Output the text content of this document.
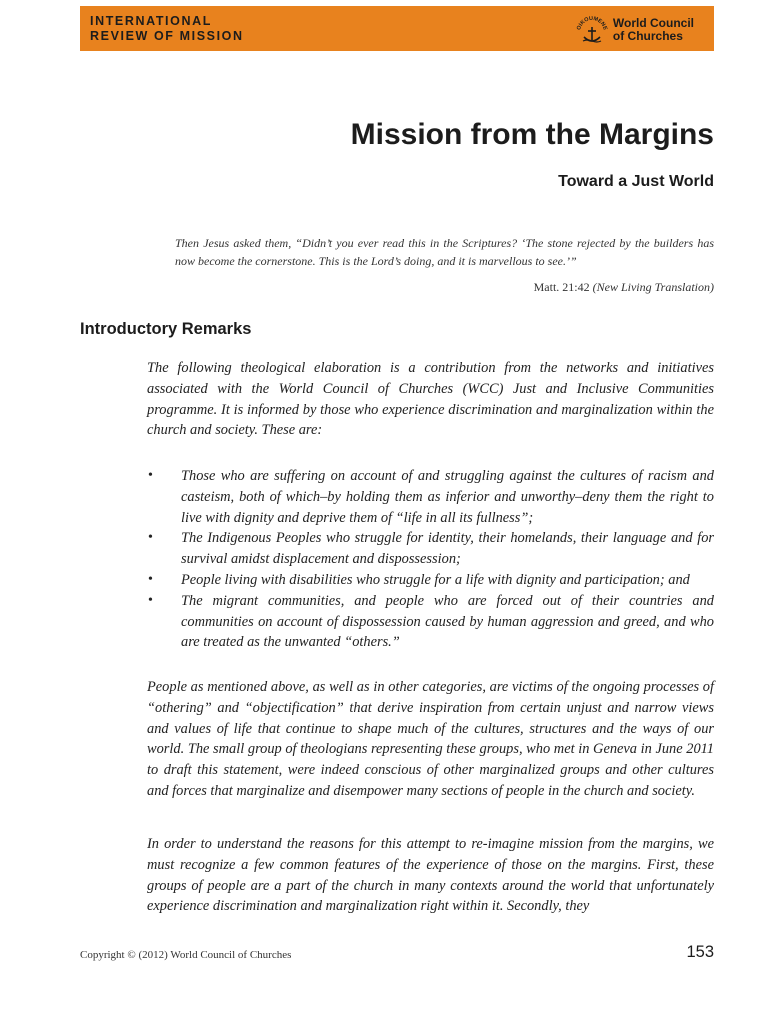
INTERNATIONAL
REVIEW OF MISSION
OIKOUMENE World Council
of Churches
Mission from the Margins
Toward a Just World

Then Jesus asked them, “Didn’t you ever read this in the Scriptures? ‘The stone rejected by the builders has now become the cornerstone. This is the Lord’s doing, and it is marvellous to see.’”

Matt. 21:42 (New Living Translation)

Introductory Remarks

The following theological elaboration is a contribution from the networks and initiatives associated with the World Council of Churches (WCC) Just and Inclusive Communities programme. It is informed by those who experience discrimination and marginalization within the church and society. These are:

• Those who are suffering on account of and struggling against the cultures of racism and casteism, both of which–by holding them as inferior and unworthy–deny them the right to live with dignity and deprive them of “life in all its fullness”;
• The Indigenous Peoples who struggle for identity, their homelands, their language and for survival amidst displacement and dispossession;
• People living with disabilities who struggle for a life with dignity and participation; and
• The migrant communities, and people who are forced out of their countries and communities on account of dispossession caused by human aggression and greed, and who are treated as the unwanted “others.”

People as mentioned above, as well as in other categories, are victims of the ongoing processes of “othering” and “objectification” that derive inspiration from certain unjust and narrow views and values of life that continue to shape much of the cultures, structures and the ways of our world. The small group of theologians representing these groups, who met in Geneva in June 2011 to draft this statement, were indeed conscious of other marginalized groups and other cultures and forces that marginalize and disempower many sections of people in the church and society.

In order to understand the reasons for this attempt to re-imagine mission from the margins, we must recognize a few common features of the experience of those on the margins. First, these groups of people are a part of the church in many contexts around the world that unfortunately experience discrimination and marginalization right within it. Secondly, they

Copyright © (2012) World Council of Churches	153
